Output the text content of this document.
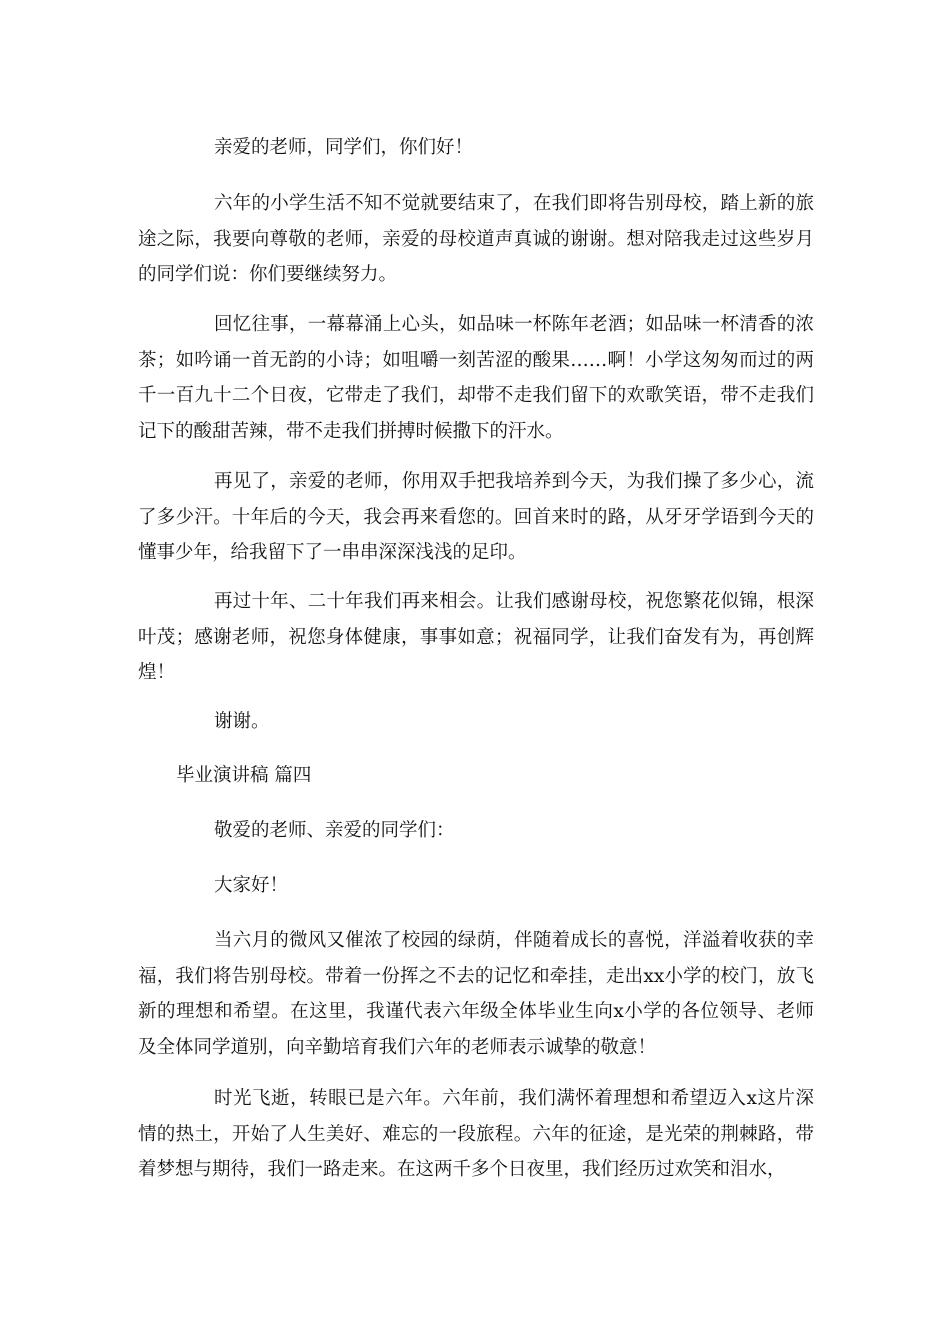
亲爱的老师，同学们，你们好！

六年的小学生活不知不觉就要结束了，在我们即将告别母校，踏上新的旅途之际，我要向尊敬的老师，亲爱的母校道声真诚的谢谢。想对陪我走过这些岁月的同学们说：你们要继续努力。

回忆往事，一幕幕涌上心头，如品味一杯陈年老酒；如品味一杯清香的浓茶；如吟诵一首无韵的小诗；如咀嚼一刻苦涩的酸果……啊！小学这匆匆而过的两千一百九十二个日夜，它带走了我们，却带不走我们留下的欢歌笑语，带不走我们记下的酸甜苦辣，带不走我们拼搏时候撒下的汗水。

再见了，亲爱的老师，你用双手把我培养到今天，为我们操了多少心，流了多少汗。十年后的今天，我会再来看您的。回首来时的路，从牙牙学语到今天的懂事少年，给我留下了一串串深深浅浅的足印。

再过十年、二十年我们再来相会。让我们感谢母校，祝您繁花似锦，根深叶茂；感谢老师，祝您身体健康，事事如意；祝福同学，让我们奋发有为，再创辉煌！

谢谢。

毕业演讲稿 篇四

敬爱的老师、亲爱的同学们：

大家好！

当六月的微风又催浓了校园的绿荫，伴随着成长的喜悦，洋溢着收获的幸福，我们将告别母校。带着一份挥之不去的记忆和牵挂，走出xx小学的校门，放飞新的理想和希望。在这里，我谨代表六年级全体毕业生向x小学的各位领导、老师及全体同学道别，向辛勤培育我们六年的老师表示诚挚的敬意！

时光飞逝，转眼已是六年。六年前，我们满怀着理想和希望迈入x这片深情的热土，开始了人生美好、难忘的一段旅程。六年的征途，是光荣的荆棘路，带着梦想与期待，我们一路走来。在这两千多个日夜里，我们经历过欢笑和泪水，
